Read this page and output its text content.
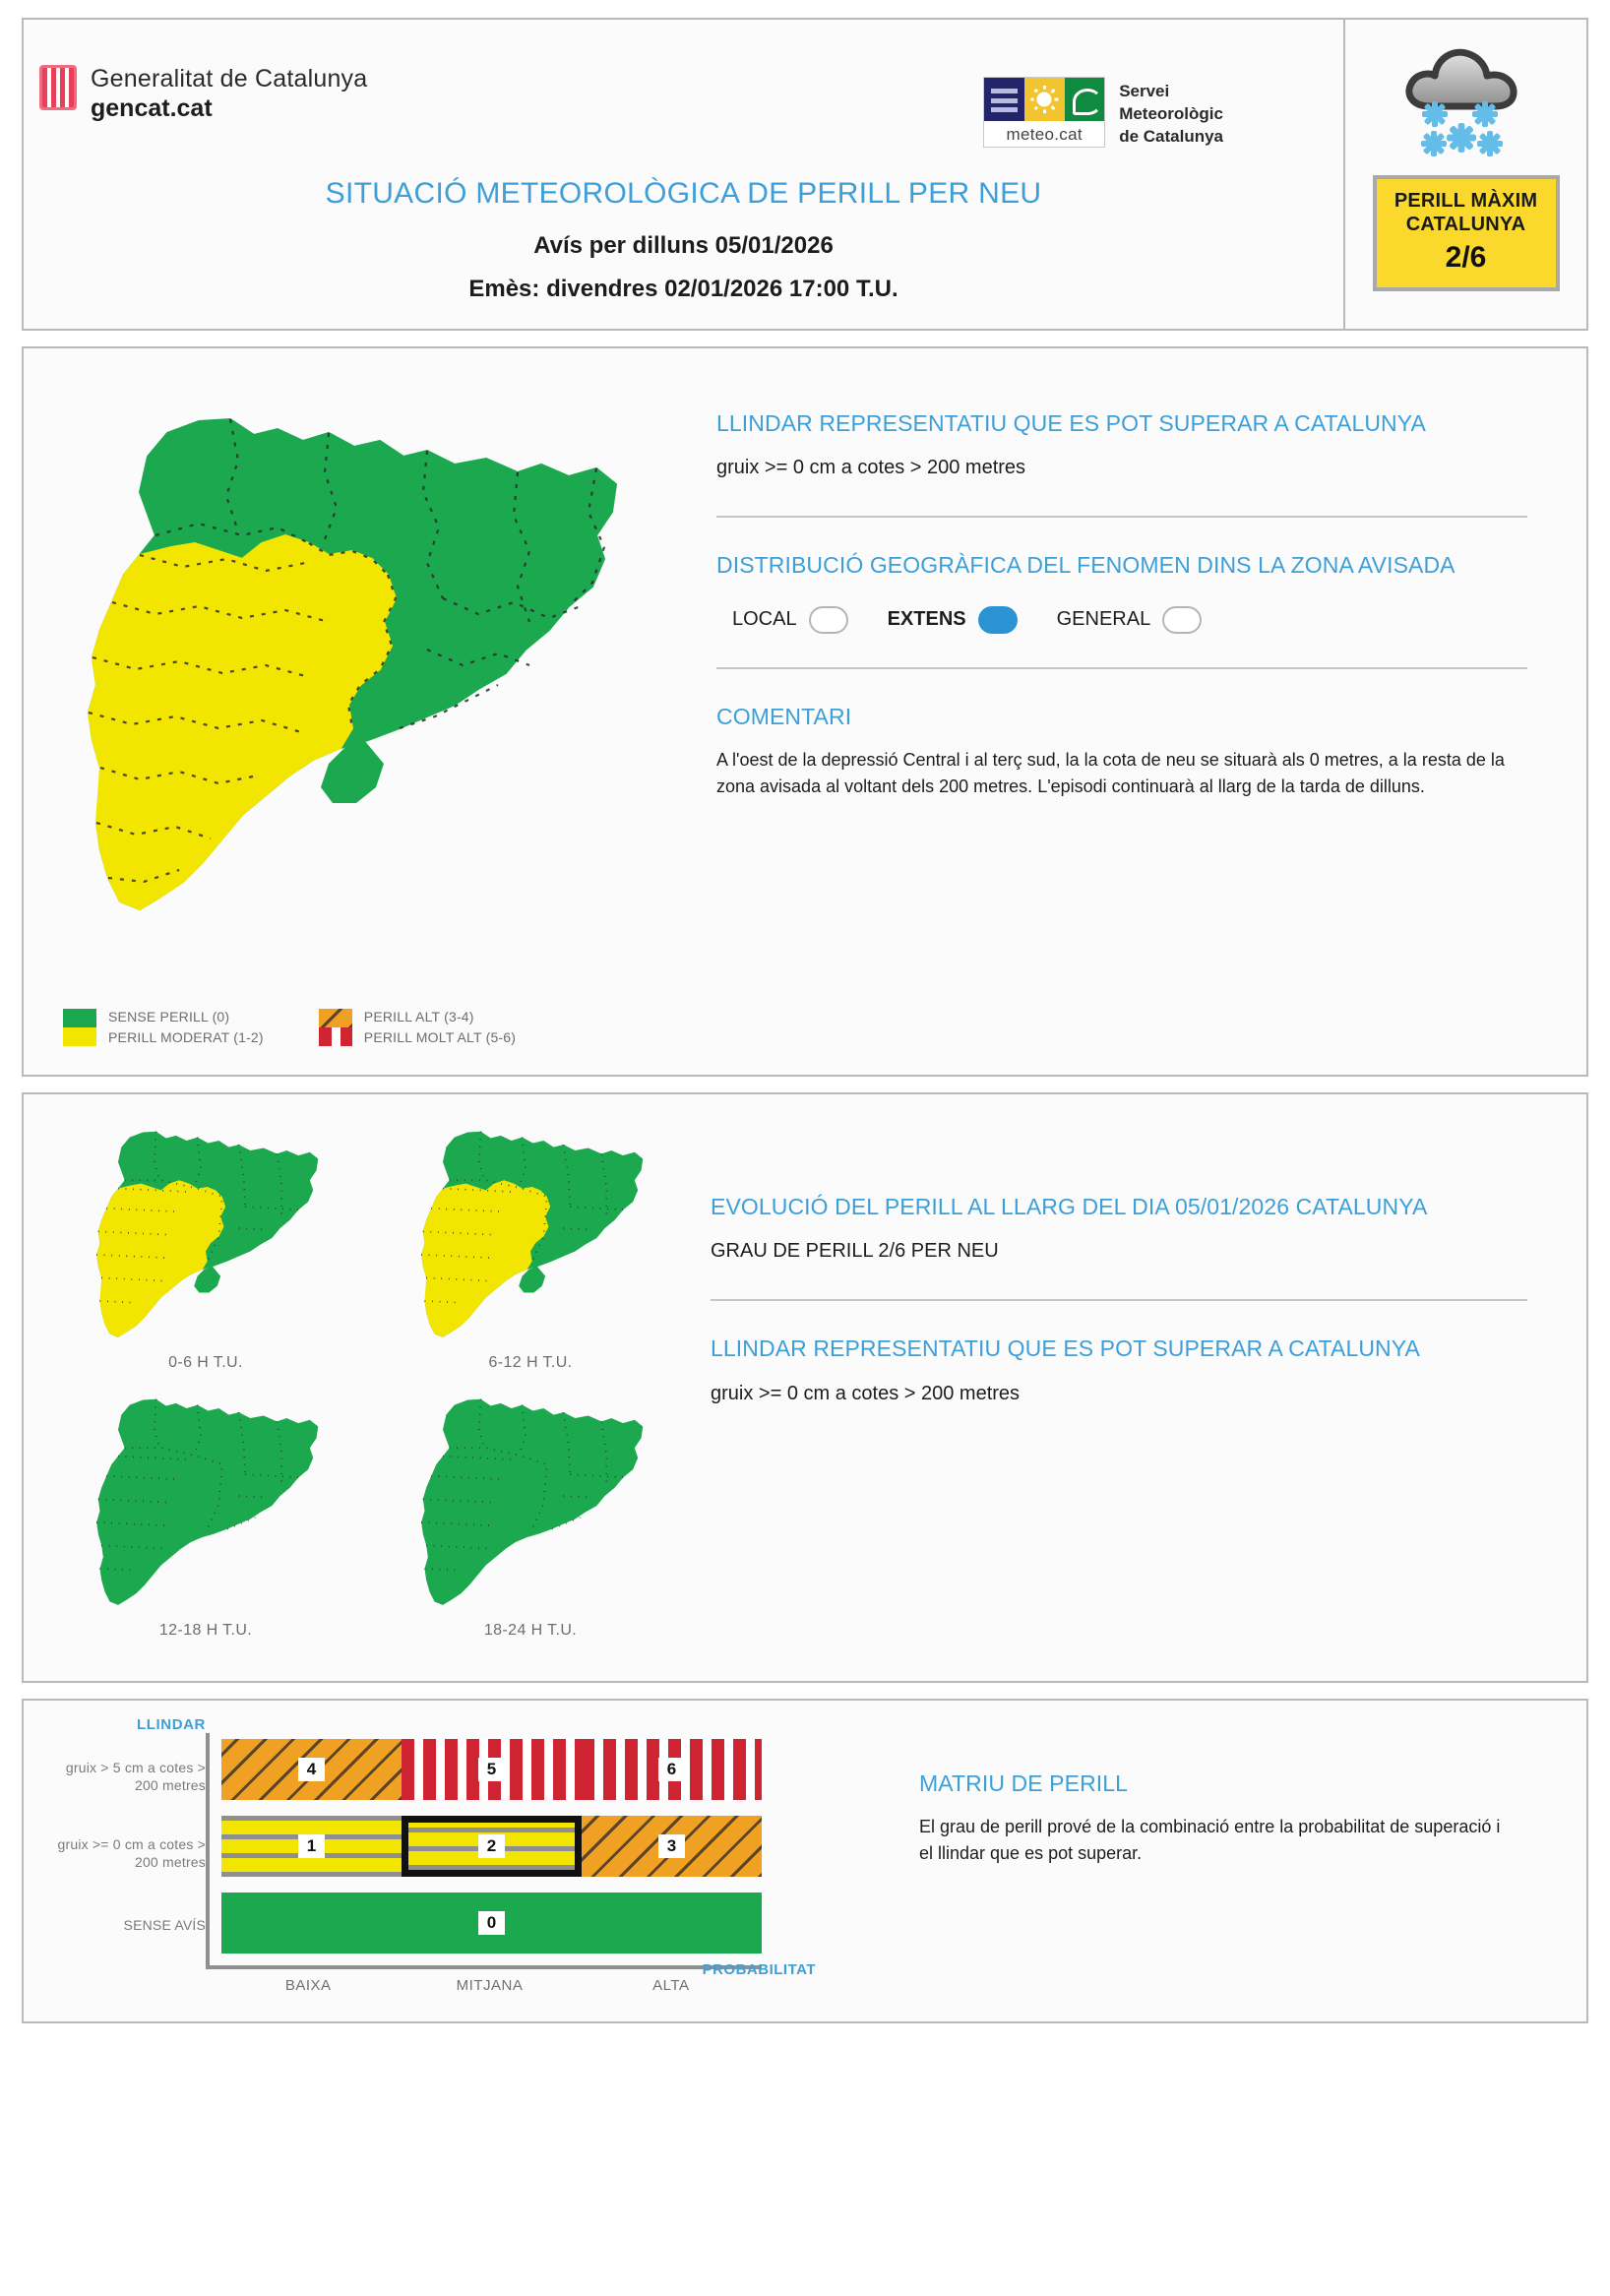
Generalitat de Catalunya
gencat.cat
meteo.cat
Servei
Meteorològic
de Catalunya
SITUACIÓ METEOROLÒGICA DE PERILL PER NEU
Avís per dilluns 05/01/2026
Emès: divendres 02/01/2026 17:00 T.U.
PERILL MÀXIM
CATALUNYA
2/6
SENSE PERILL (0)
PERILL MODERAT (1-2)
PERILL ALT (3-4)
PERILL MOLT ALT (5-6)
LLINDAR REPRESENTATIU QUE ES POT SUPERAR A CATALUNYA

gruix >= 0 cm a cotes > 200 metres

DISTRIBUCIÓ GEOGRÀFICA DEL FENOMEN DINS LA ZONA AVISADA
LOCAL	EXTENS	GENERAL
COMENTARI

A l'oest de la depressió Central i al terç sud, la la cota de neu se situarà als 0 metres, a la resta de la zona avisada al voltant dels 200 metres. L'episodi continuarà al llarg de la tarda de dilluns.

0-6 H T.U.	6-12 H T.U.
12-18 H T.U.	18-24 H T.U.
EVOLUCIÓ DEL PERILL AL LLARG DEL DIA 05/01/2026 CATALUNYA

GRAU DE PERILL 2/6 PER NEU

LLINDAR REPRESENTATIU QUE ES POT SUPERAR A CATALUNYA

gruix >= 0 cm a cotes > 200 metres

LLINDAR
gruix > 5 cm a cotes > 200 metres
gruix >= 0 cm a cotes > 200 metres
SENSE AVÍS
4	5	6
1	2	3
0
BAIXA	MITJANA	ALTA
PROBABILITAT
MATRIU DE PERILL

El grau de perill prové de la combinació entre la probabilitat de superació i el llindar que es pot superar.
